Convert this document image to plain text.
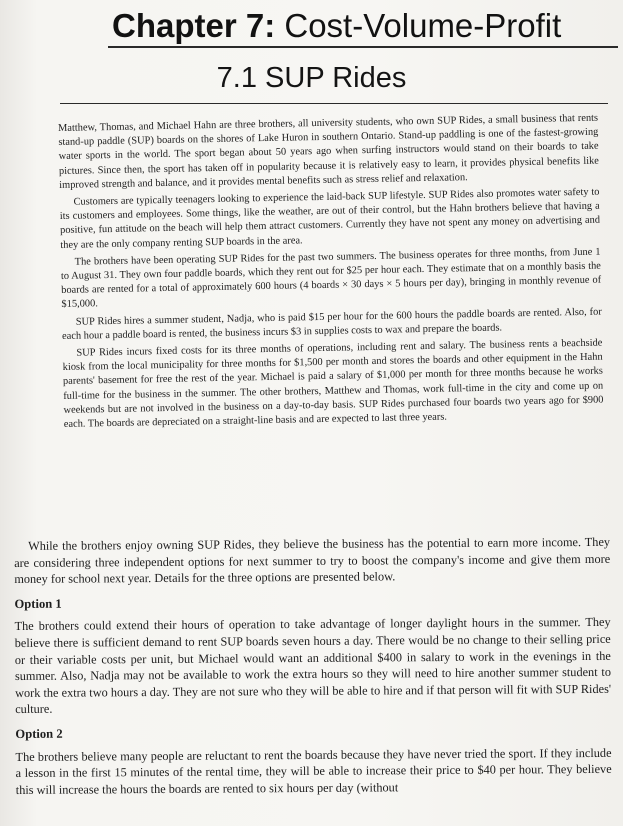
Chapter 7: Cost-Volume-Profit
7.1 SUP Rides

Matthew, Thomas, and Michael Hahn are three brothers, all university students, who own SUP Rides, a small business that rents stand-up paddle (SUP) boards on the shores of Lake Huron in southern Ontario. Stand-up paddling is one of the fastest-growing water sports in the world. The sport began about 50 years ago when surfing instructors would stand on their boards to take pictures. Since then, the sport has taken off in popularity because it is relatively easy to learn, it provides physical benefits like improved strength and balance, and it provides mental benefits such as stress relief and relaxation.

Customers are typically teenagers looking to experience the laid-back SUP lifestyle. SUP Rides also promotes water safety to its customers and employees. Some things, like the weather, are out of their control, but the Hahn brothers believe that having a positive, fun attitude on the beach will help them attract customers. Currently they have not spent any money on advertising and they are the only company renting SUP boards in the area.

The brothers have been operating SUP Rides for the past two summers. The business operates for three months, from June 1 to August 31. They own four paddle boards, which they rent out for $25 per hour each. They estimate that on a monthly basis the boards are rented for a total of approximately 600 hours (4 boards × 30 days × 5 hours per day), bringing in monthly revenue of $15,000.

SUP Rides hires a summer student, Nadja, who is paid $15 per hour for the 600 hours the paddle boards are rented. Also, for each hour a paddle board is rented, the business incurs $3 in supplies costs to wax and prepare the boards.

SUP Rides incurs fixed costs for its three months of operations, including rent and salary. The business rents a beachside kiosk from the local municipality for three months for $1,500 per month and stores the boards and other equipment in the Hahn parents' basement for free the rest of the year. Michael is paid a salary of $1,000 per month for three months because he works full-time for the business in the summer. The other brothers, Matthew and Thomas, work full-time in the city and come up on weekends but are not involved in the business on a day-to-day basis. SUP Rides purchased four boards two years ago for $900 each. The boards are depreciated on a straight-line basis and are expected to last three years.

While the brothers enjoy owning SUP Rides, they believe the business has the potential to earn more income. They are considering three independent options for next summer to try to boost the company's income and give them more money for school next year. Details for the three options are presented below.

Option 1

The brothers could extend their hours of operation to take advantage of longer daylight hours in the summer. They believe there is sufficient demand to rent SUP boards seven hours a day. There would be no change to their selling price or their variable costs per unit, but Michael would want an additional $400 in salary to work in the evenings in the summer. Also, Nadja may not be available to work the extra hours so they will need to hire another summer student to work the extra two hours a day. They are not sure who they will be able to hire and if that person will fit with SUP Rides' culture.

Option 2

The brothers believe many people are reluctant to rent the boards because they have never tried the sport. If they include a lesson in the first 15 minutes of the rental time, they will be able to increase their price to $40 per hour. They believe this will increase the hours the boards are rented to six hours per day (without
